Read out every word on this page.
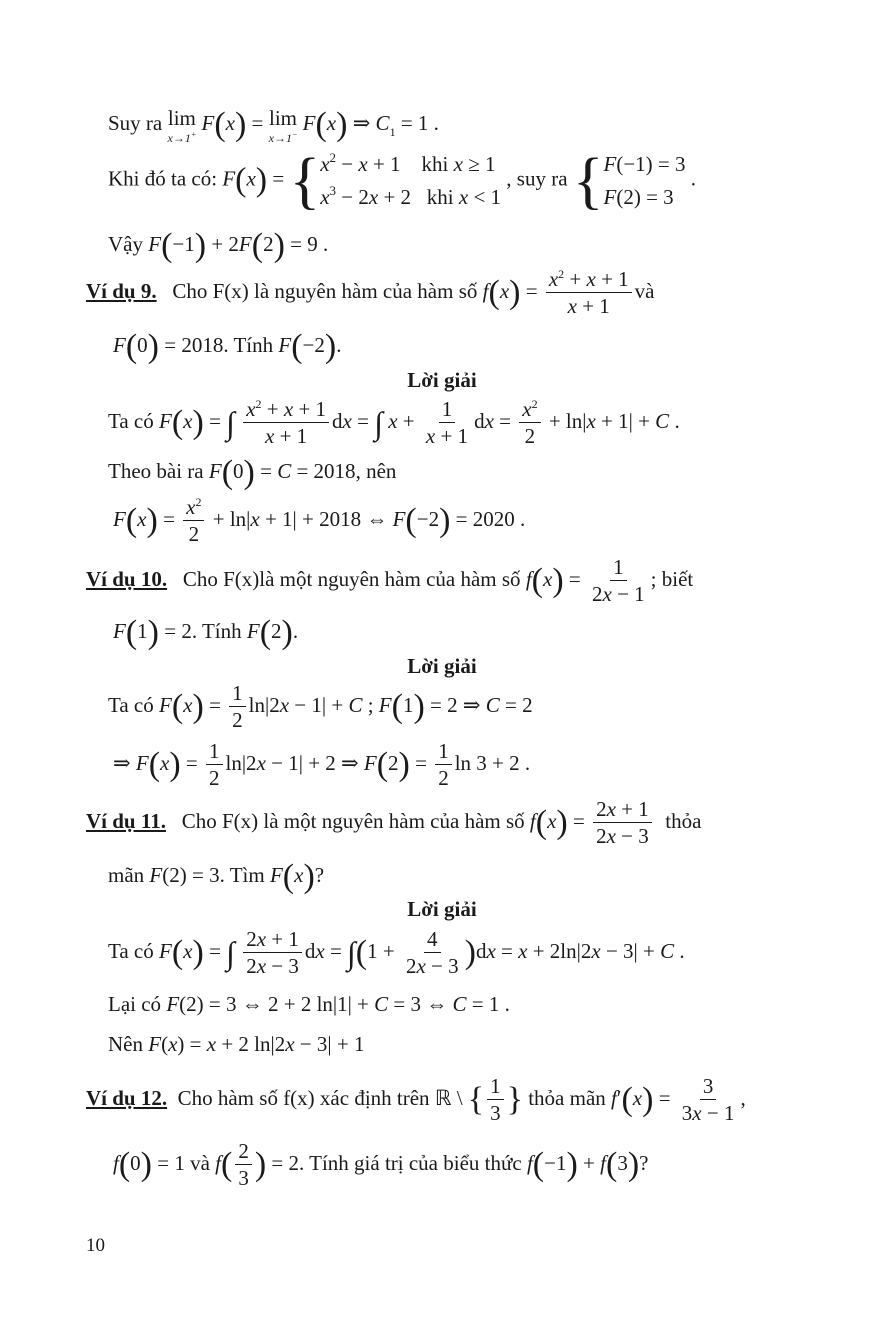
Suy ra lim
x→1+ F(x) = lim
x→1− F(x) ⇒ $C_1 = 1$ .
Khi đó ta có: $F(x) = \{x^2 - x + 1$    khi x ≥ 1
$x^3 - 2x + 2$   khi x < 1 , suy ra {F(−1) = 3
F(2) = 3 .
Vậy F(−1) + 2F(2) = 9 .
Ví dụ 9. Cho F(x) là nguyên hàm của hàm số $f(x) = \frac{x^2 + x + 1}{x + 1}$ và
F(0) = 2018. Tính F(−2).
Lời giải
Ta có F(x) = ∫ $\frac{x^2 + x + 1}{x + 1}$ dx = ∫ $x + \frac{1}{x + 1}$ dx = $\frac{x^2}{2} + \ln|x + 1| + C$ .
Theo bài ra F(0) = C = 2018, nên
$F(x) = \frac{x^2}{2} + \ln|x + 1| + 2018$ ⇔ F(−2) = 2020 .
Ví dụ 10. Cho F(x)là một nguyên hàm của hàm số $f(x) = \frac{1}{2x - 1}$ ; biết
F(1) = 2. Tính F(2).
Lời giải
Ta có $F(x) = \frac{1}{2} \ln|2x - 1| + C$ ; F(1) = 2 ⇒ C = 2
⇒ $F(x) = \frac{1}{2} \ln|2x - 1| + 2$ ⇒ $F(2) = \frac{1}{2}$ ln 3 + 2 .
Ví dụ 11. Cho F(x) là một nguyên hàm của hàm số $f(x) = \frac{2x + 1}{2x - 3}$ thỏa
mãn F(2) = 3. Tìm F(x)?
Lời giải
Ta có F(x) = ∫ $\frac{2x + 1}{2x - 3}$ dx = $\int(1 + \frac{4}{2x - 3} )dx = x + 2\ln|2x - 3| + C$ .
Lại có F(2) = 3 ⇔ 2 + 2 ln|1| + C = 3 ⇔ C = 1 .
Nên F(x) = x + 2 ln|2x − 3| + 1
Ví dụ 12. Cho hàm số f(x) xác định trên ℝ \ { $\frac{1}{3}$ } thỏa mãn $f'(x) = \frac{3}{3x - 1}$ ,
f(0) = 1 và $f( \frac{2}{3}$ ) = 2. Tính giá trị của biểu thức f(−1) + f(3)?
10
